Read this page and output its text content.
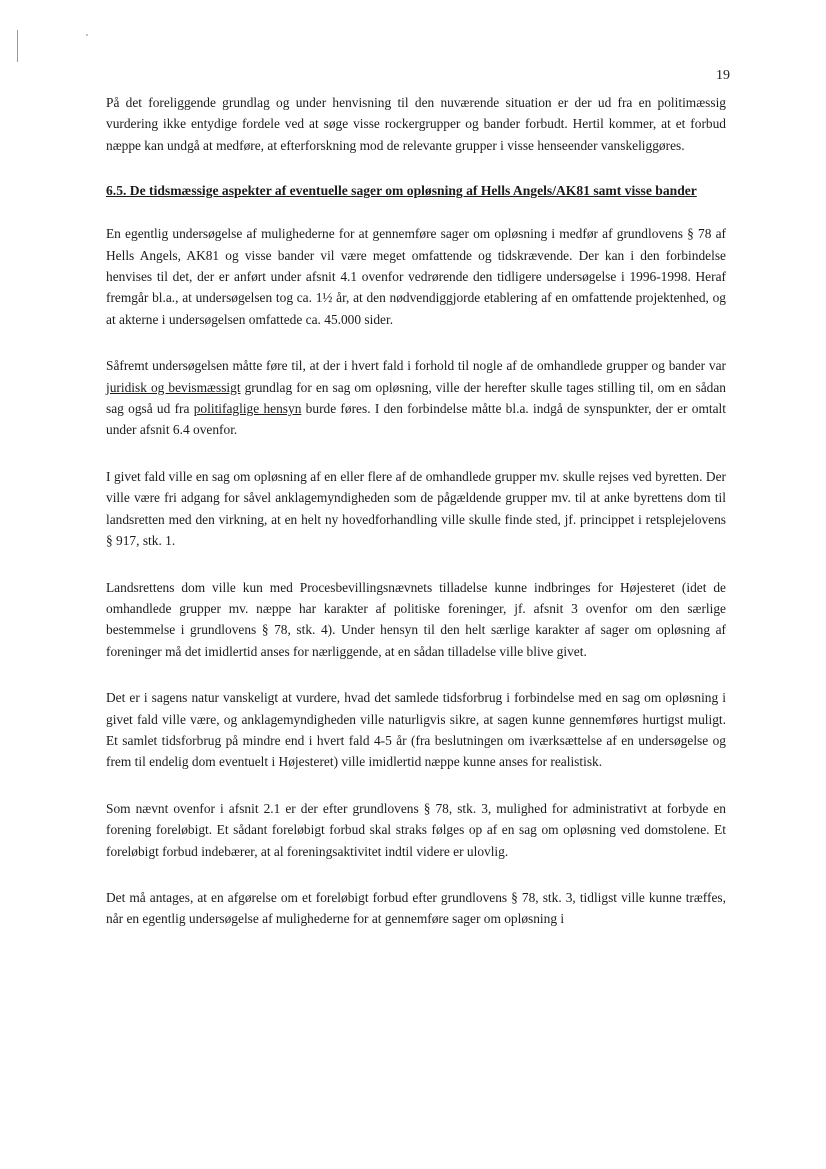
19

På det foreliggende grundlag og under henvisning til den nuværende situation er der ud fra en politimæssig vurdering ikke entydige fordele ved at søge visse rockergrupper og bander forbudt. Hertil kommer, at et forbud næppe kan undgå at medføre, at efterforskning mod de relevante grupper i visse henseender vanskeliggøres.

6.5. De tidsmæssige aspekter af eventuelle sager om opløsning af Hells Angels/AK81 samt visse bander

En egentlig undersøgelse af mulighederne for at gennemføre sager om opløsning i medfør af grundlovens § 78 af Hells Angels, AK81 og visse bander vil være meget omfattende og tidskrævende. Der kan i den forbindelse henvises til det, der er anført under afsnit 4.1 ovenfor vedrørende den tidligere undersøgelse i 1996-1998. Heraf fremgår bl.a., at undersøgelsen tog ca. 1½ år, at den nødvendiggjorde etablering af en omfattende projektenhed, og at akterne i undersøgelsen omfattede ca. 45.000 sider.

Såfremt undersøgelsen måtte føre til, at der i hvert fald i forhold til nogle af de omhandlede grupper og bander var juridisk og bevismæssigt grundlag for en sag om opløsning, ville der herefter skulle tages stilling til, om en sådan sag også ud fra politifaglige hensyn burde føres. I den forbindelse måtte bl.a. indgå de synspunkter, der er omtalt under afsnit 6.4 ovenfor.

I givet fald ville en sag om opløsning af en eller flere af de omhandlede grupper mv. skulle rejses ved byretten. Der ville være fri adgang for såvel anklagemyndigheden som de pågældende grupper mv. til at anke byrettens dom til landsretten med den virkning, at en helt ny hovedforhandling ville skulle finde sted, jf. princippet i retsplejelovens § 917, stk. 1.

Landsrettens dom ville kun med Procesbevillingsnævnets tilladelse kunne indbringes for Højesteret (idet de omhandlede grupper mv. næppe har karakter af politiske foreninger, jf. afsnit 3 ovenfor om den særlige bestemmelse i grundlovens § 78, stk. 4). Under hensyn til den helt særlige karakter af sager om opløsning af foreninger må det imidlertid anses for nærliggende, at en sådan tilladelse ville blive givet.

Det er i sagens natur vanskeligt at vurdere, hvad det samlede tidsforbrug i forbindelse med en sag om opløsning i givet fald ville være, og anklagemyndigheden ville naturligvis sikre, at sagen kunne gennemføres hurtigst muligt. Et samlet tidsforbrug på mindre end i hvert fald 4-5 år (fra beslutningen om iværksættelse af en undersøgelse og frem til endelig dom eventuelt i Højesteret) ville imidlertid næppe kunne anses for realistisk.

Som nævnt ovenfor i afsnit 2.1 er der efter grundlovens § 78, stk. 3, mulighed for administrativt at forbyde en forening foreløbigt. Et sådant foreløbigt forbud skal straks følges op af en sag om opløsning ved domstolene. Et foreløbigt forbud indebærer, at al foreningsaktivitet indtil videre er ulovlig.

Det må antages, at en afgørelse om et foreløbigt forbud efter grundlovens § 78, stk. 3, tidligst ville kunne træffes, når en egentlig undersøgelse af mulighederne for at gennemføre sager om opløsning i
